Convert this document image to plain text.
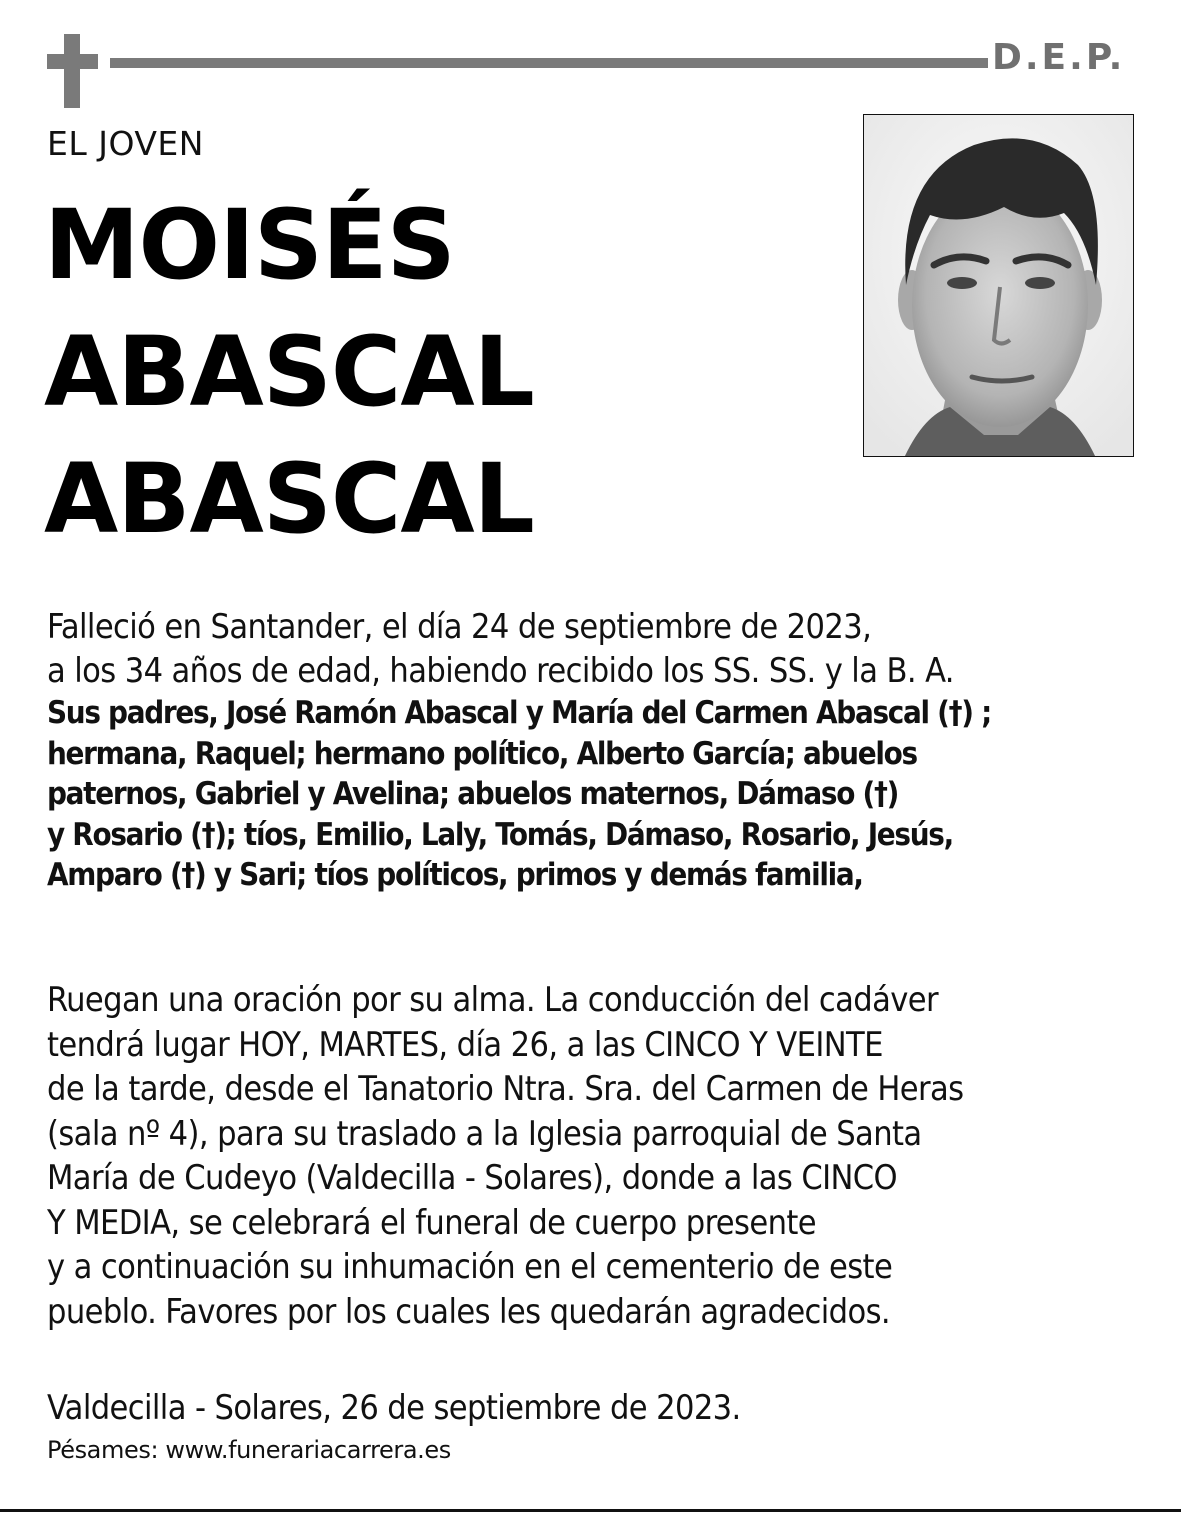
D.E.P.
EL JOVEN
MOISÉS
ABASCAL
ABASCAL

Falleció en Santander, el día 24 de septiembre de 2023,

a los 34 años de edad, habiendo recibido los SS. SS. y la B. A.

Sus padres, José Ramón Abascal y María del Carmen Abascal (†) ;

hermana, Raquel; hermano político, Alberto García; abuelos

paternos, Gabriel y Avelina; abuelos maternos, Dámaso (†)

y Rosario (†); tíos, Emilio, Laly, Tomás, Dámaso, Rosario, Jesús,

Amparo (†) y Sari; tíos políticos, primos y demás familia,

Ruegan una oración por su alma. La conducción del cadáver

tendrá lugar HOY, MARTES, día 26, a las CINCO Y VEINTE

de la tarde, desde el Tanatorio Ntra. Sra. del Carmen de Heras

(sala nº 4), para su traslado a la Iglesia parroquial de Santa

María de Cudeyo (Valdecilla - Solares), donde a las CINCO

Y MEDIA, se celebrará el funeral de cuerpo presente

y a continuación su inhumación en el cementerio de este

pueblo. Favores por los cuales les quedarán agradecidos.

Valdecilla - Solares, 26 de septiembre de 2023.

Pésames: www.funerariacarrera.es
